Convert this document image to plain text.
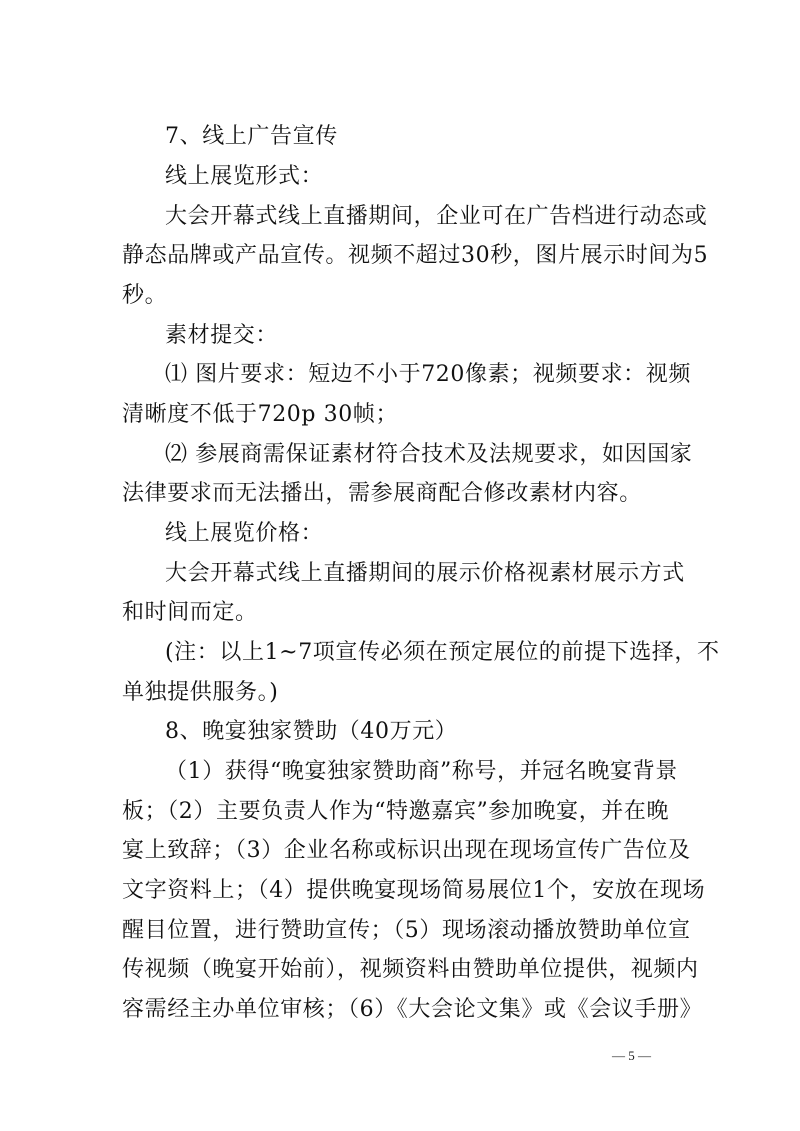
7、线上广告宣传
线上展览形式：
大会开幕式线上直播期间，企业可在广告档进行动态或
静态品牌或产品宣传。视频不超过30秒，图片展示时间为5
秒。
素材提交：
⑴ 图片要求：短边不小于720像素；视频要求：视频
清晰度不低于720p 30帧；
⑵ 参展商需保证素材符合技术及法规要求，如因国家
法律要求而无法播出，需参展商配合修改素材内容。
线上展览价格：
大会开幕式线上直播期间的展示价格视素材展示方式
和时间而定。
(注：以上1~7项宣传必须在预定展位的前提下选择，不
单独提供服务。)
8、晚宴独家赞助（40万元）
（1）获得“晚宴独家赞助商”称号，并冠名晚宴背景
板；（2）主要负责人作为“特邀嘉宾”参加晚宴，并在晚
宴上致辞；（3）企业名称或标识出现在现场宣传广告位及
文字资料上；（4）提供晚宴现场简易展位1个，安放在现场
醒目位置，进行赞助宣传；（5）现场滚动播放赞助单位宣
传视频（晚宴开始前），视频资料由赞助单位提供，视频内
容需经主办单位审核；（6）《大会论文集》或《会议手册》
— 5 —
